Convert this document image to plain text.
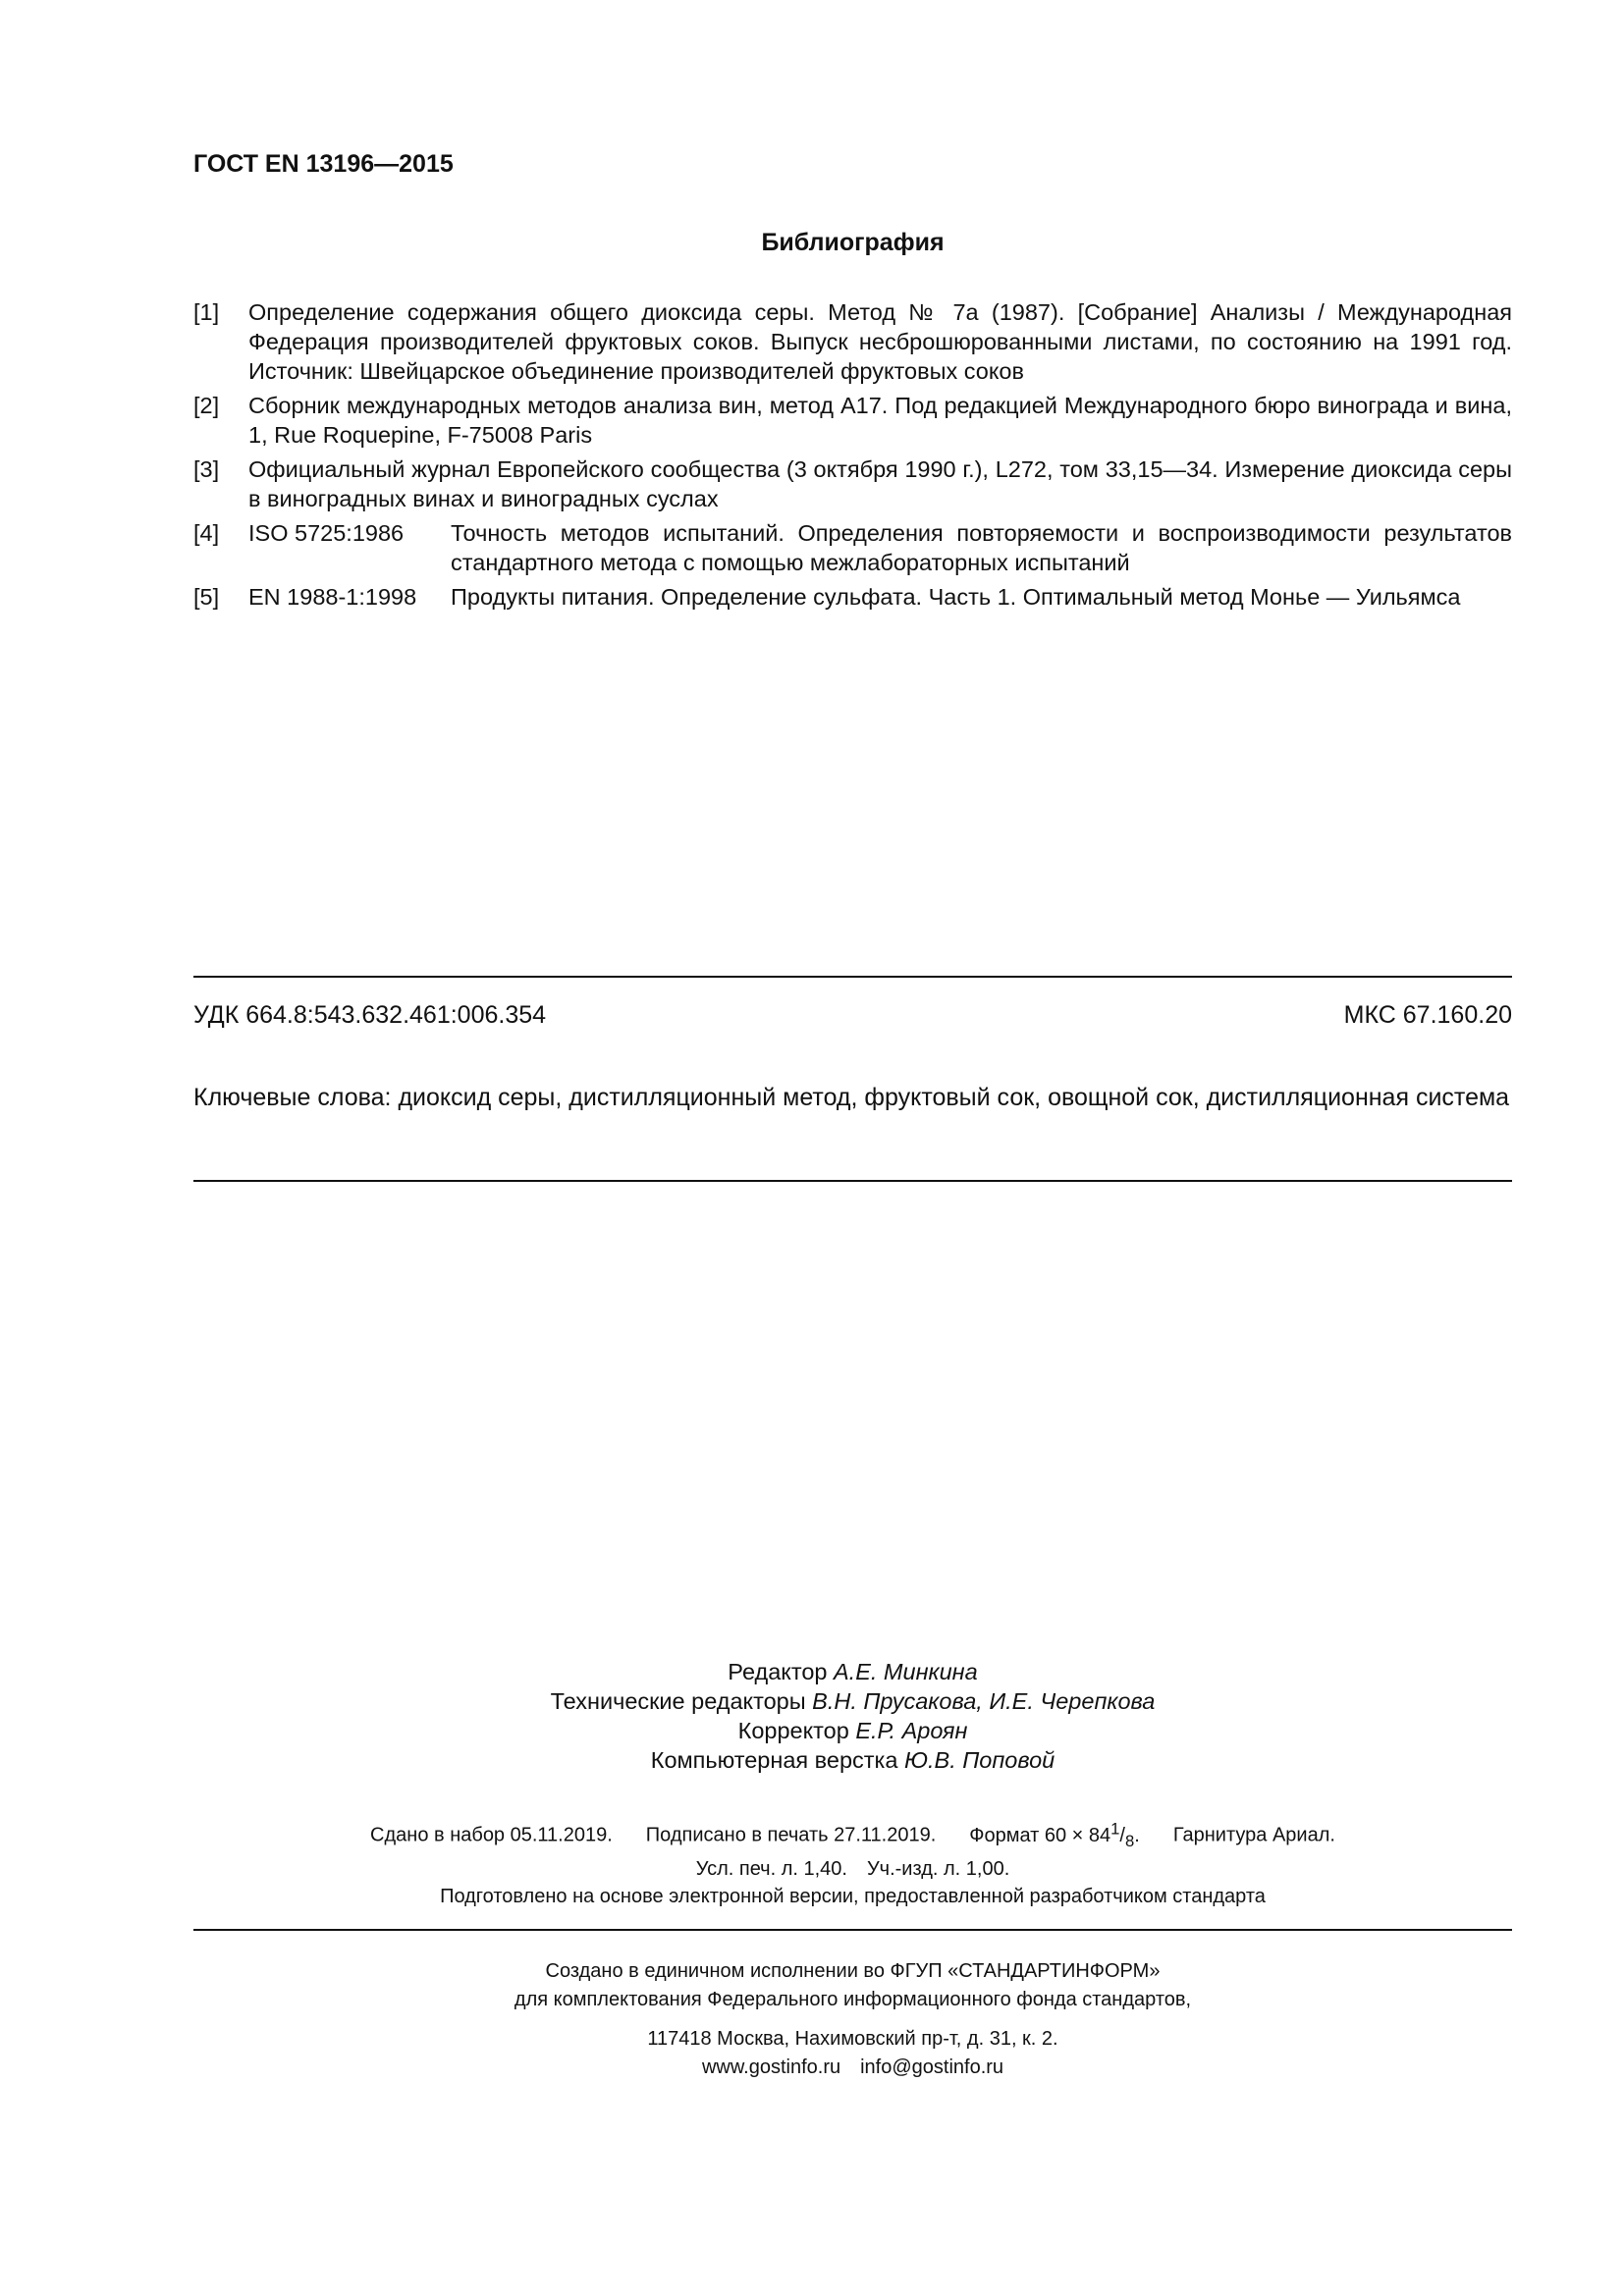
ГОСТ EN 13196—2015
Библиография
[1]	Определение содержания общего диоксида серы. Метод № 7а (1987). [Собрание] Анализы / Международная Федерация производителей фруктовых соков. Выпуск несброшюрованными листами, по состоянию на 1991 год. Источник: Швейцарское объединение производителей фруктовых соков
[2]	Сборник международных методов анализа вин, метод А17. Под редакцией Международного бюро винограда и вина, 1, Rue Roquepine, F-75008 Paris
[3]	Официальный журнал Европейского сообщества (3 октября 1990 г.), L272, том 33,15—34. Измерение диоксида серы в виноградных винах и виноградных суслах
[4]	ISO 5725:1986	Точность методов испытаний. Определения повторяемости и воспроизводимости результатов стандартного метода с помощью межлабораторных испытаний
[5]	EN 1988-1:1998	Продукты питания. Определение сульфата. Часть 1. Оптимальный метод Монье — Уильямса
УДК 664.8:543.632.461:006.354	МКС 67.160.20
Ключевые слова: диоксид серы, дистилляционный метод, фруктовый сок, овощной сок, дистилляционная система
Редактор А.Е. Минкина
Технические редакторы В.Н. Прусакова, И.Е. Черепкова
Корректор Е.Р. Ароян
Компьютерная верстка Ю.В. Поповой
Сдано в набор 05.11.2019. Подписано в печать 27.11.2019. Формат $60 \times 84^1/_8$. Гарнитура Ариал.
Усл. печ. л. 1,40. Уч.-изд. л. 1,00.
Подготовлено на основе электронной версии, предоставленной разработчиком стандарта
Создано в единичном исполнении во ФГУП «СТАНДАРТИНФОРМ»
для комплектования Федерального информационного фонда стандартов,
117418 Москва, Нахимовский пр-т, д. 31, к. 2.
www.gostinfo.ru info@gostinfo.ru
